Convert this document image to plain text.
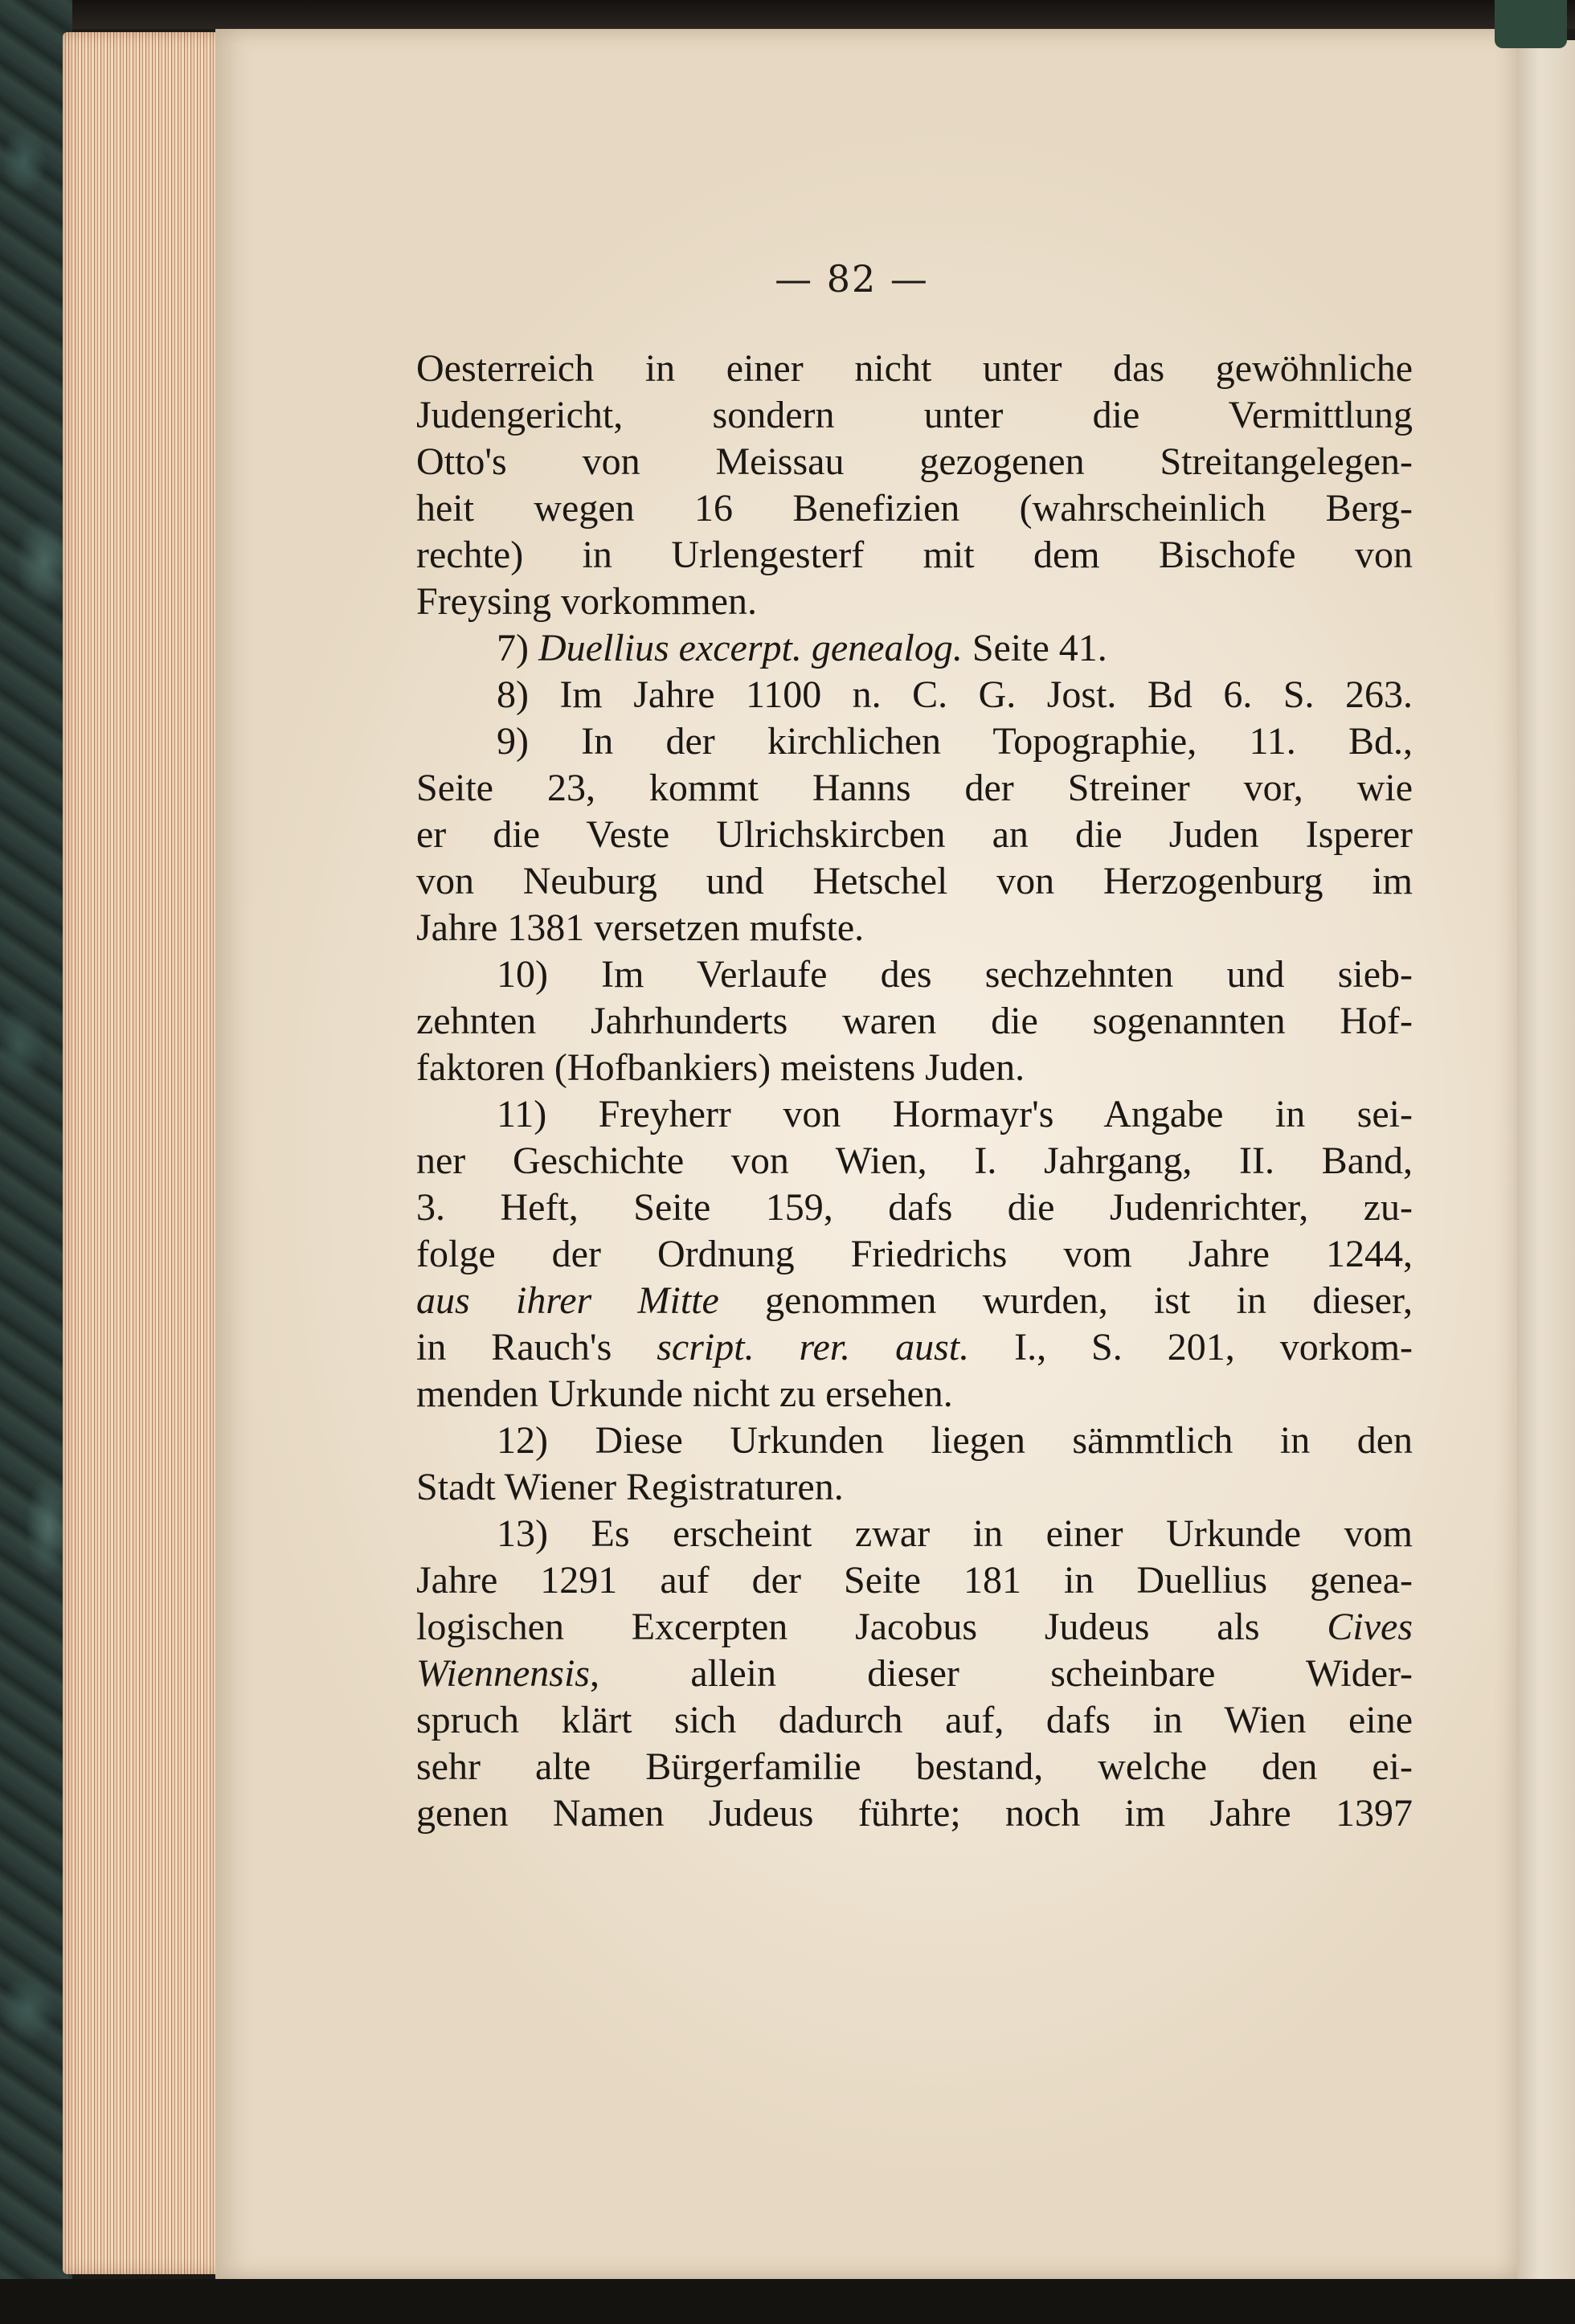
— 82 —
Oesterreich in einer nicht unter das gewöhnliche
Judengericht, sondern unter die Vermittlung
Otto's von Meissau gezogenen Streitangelegen-
heit wegen 16 Benefizien (wahrscheinlich Berg-
rechte) in Urlengesterf mit dem Bischofe von
Freysing vorkommen.
7) Duellius excerpt. genealog. Seite 41.
8) Im Jahre 1100 n. C. G. Jost. Bd 6. S. 263.
9) In der kirchlichen Topographie, 11. Bd.,
Seite 23, kommt Hanns der Streiner vor, wie
er die Veste Ulrichskircben an die Juden Isperer
von Neuburg und Hetschel von Herzogenburg im
Jahre 1381 versetzen mufste.
10) Im Verlaufe des sechzehnten und sieb-
zehnten Jahrhunderts waren die sogenannten Hof-
faktoren (Hofbankiers) meistens Juden.
11) Freyherr von Hormayr's Angabe in sei-
ner Geschichte von Wien, I. Jahrgang, II. Band,
3. Heft, Seite 159, dafs die Judenrichter, zu-
folge der Ordnung Friedrichs vom Jahre 1244,
aus ihrer Mitte genommen wurden, ist in dieser,
in Rauch's script. rer. aust. I., S. 201, vorkom-
menden Urkunde nicht zu ersehen.
12) Diese Urkunden liegen sämmtlich in den
Stadt Wiener Registraturen.
13) Es erscheint zwar in einer Urkunde vom
Jahre 1291 auf der Seite 181 in Duellius genea-
logischen Excerpten Jacobus Judeus als Cives
Wiennensis, allein dieser scheinbare Wider-
spruch klärt sich dadurch auf, dafs in Wien eine
sehr alte Bürgerfamilie bestand, welche den ei-
genen Namen Judeus führte; noch im Jahre 1397
